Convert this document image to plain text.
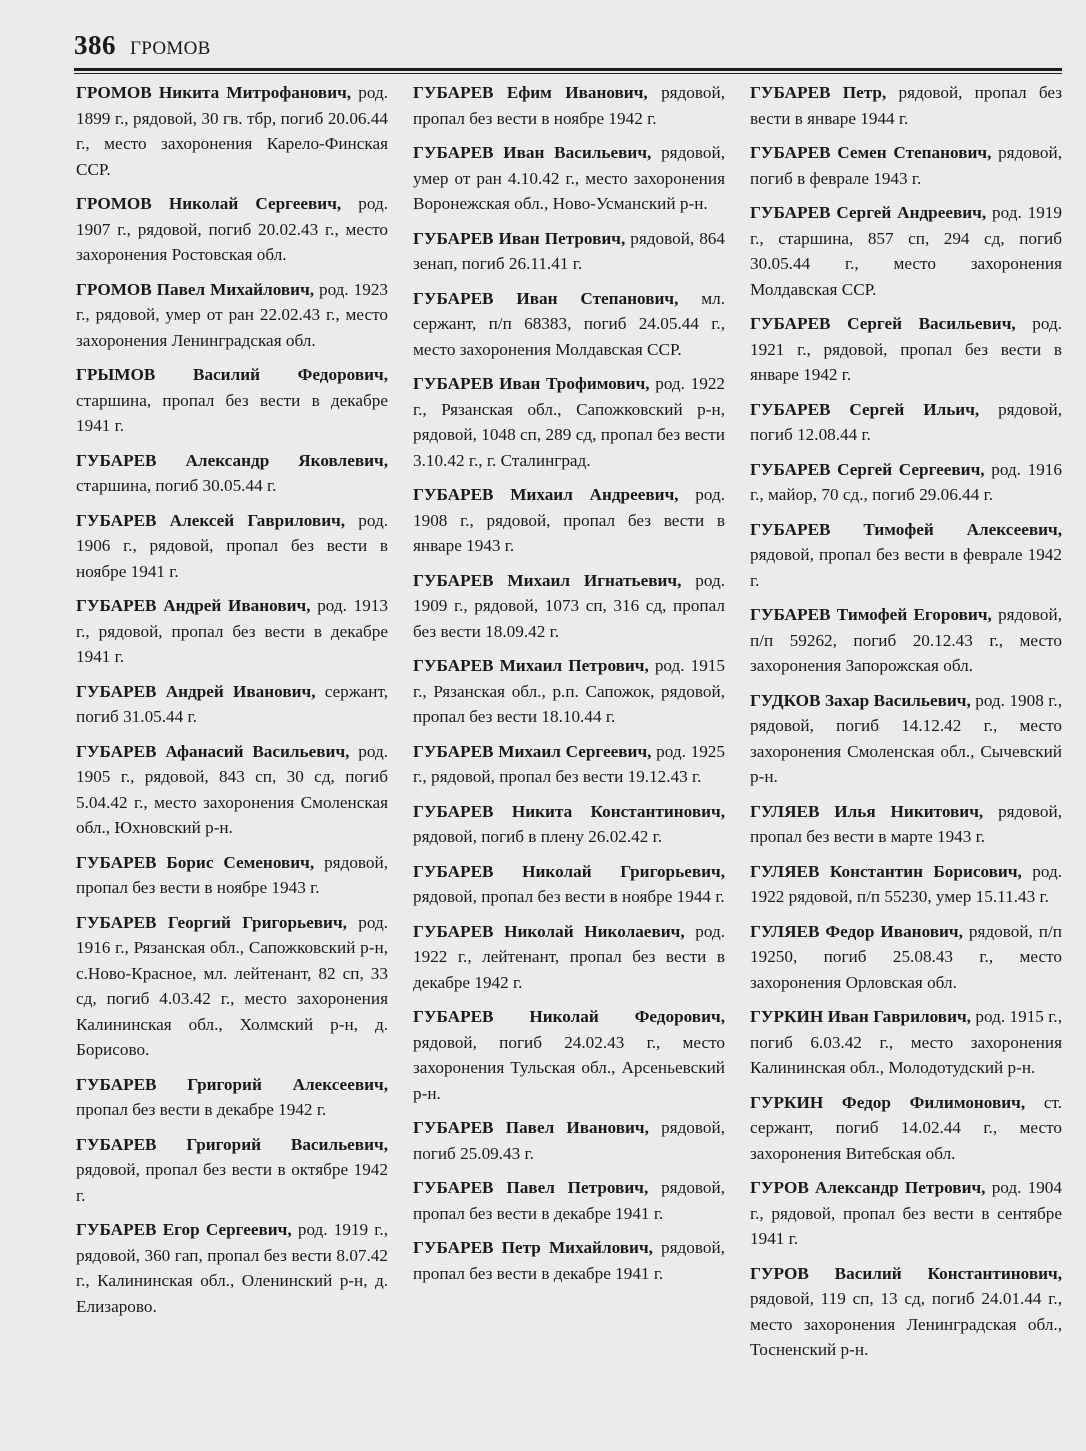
386 ГРОМОВ

ГРОМОВ Никита Митрофанович, род. 1899 г., рядовой, 30 гв. тбр, погиб 20.06.44 г., место захоронения Карело-Финская ССР.

ГРОМОВ Николай Сергеевич, род. 1907 г., рядовой, погиб 20.02.43 г., место захоронения Ростовская обл.

ГРОМОВ Павел Михайлович, род. 1923 г., рядовой, умер от ран 22.02.43 г., место захоронения Ленинградская обл.

ГРЫМОВ Василий Федорович, старшина, пропал без вести в декабре 1941 г.

ГУБАРЕВ Александр Яковлевич, старшина, погиб 30.05.44 г.

ГУБАРЕВ Алексей Гаврилович, род. 1906 г., рядовой, пропал без вести в ноябре 1941 г.

ГУБАРЕВ Андрей Иванович, род. 1913 г., рядовой, пропал без вести в декабре 1941 г.

ГУБАРЕВ Андрей Иванович, сержант, погиб 31.05.44 г.

ГУБАРЕВ Афанасий Васильевич, род. 1905 г., рядовой, 843 сп, 30 сд, погиб 5.04.42 г., место захоронения Смоленская обл., Юхновский р-н.

ГУБАРЕВ Борис Семенович, рядовой, пропал без вести в ноябре 1943 г.

ГУБАРЕВ Георгий Григорьевич, род. 1916 г., Рязанская обл., Сапожковский р-н, с.Ново-Красное, мл. лейтенант, 82 сп, 33 сд, погиб 4.03.42 г., место захоронения Калининская обл., Холмский р-н, д. Борисово.

ГУБАРЕВ Григорий Алексеевич, пропал без вести в декабре 1942 г.

ГУБАРЕВ Григорий Васильевич, рядовой, пропал без вести в октябре 1942 г.

ГУБАРЕВ Егор Сергеевич, род. 1919 г., рядовой, 360 гап, пропал без вести 8.07.42 г., Калининская обл., Оленинский р-н, д. Елизарово.

ГУБАРЕВ Ефим Иванович, рядовой, пропал без вести в ноябре 1942 г.

ГУБАРЕВ Иван Васильевич, рядовой, умер от ран 4.10.42 г., место захоронения Воронежская обл., Ново-Усманский р-н.

ГУБАРЕВ Иван Петрович, рядовой, 864 зенап, погиб 26.11.41 г.

ГУБАРЕВ Иван Степанович, мл. сержант, п/п 68383, погиб 24.05.44 г., место захоронения Молдавская ССР.

ГУБАРЕВ Иван Трофимович, род. 1922 г., Рязанская обл., Сапожковский р-н, рядовой, 1048 сп, 289 сд, пропал без вести 3.10.42 г., г. Сталинград.

ГУБАРЕВ Михаил Андреевич, род. 1908 г., рядовой, пропал без вести в январе 1943 г.

ГУБАРЕВ Михаил Игнатьевич, род. 1909 г., рядовой, 1073 сп, 316 сд, пропал без вести 18.09.42 г.

ГУБАРЕВ Михаил Петрович, род. 1915 г., Рязанская обл., р.п. Сапожок, рядовой, пропал без вести 18.10.44 г.

ГУБАРЕВ Михаил Сергеевич, род. 1925 г., рядовой, пропал без вести 19.12.43 г.

ГУБАРЕВ Никита Константинович, рядовой, погиб в плену 26.02.42 г.

ГУБАРЕВ Николай Григорьевич, рядовой, пропал без вести в ноябре 1944 г.

ГУБАРЕВ Николай Николаевич, род. 1922 г., лейтенант, пропал без вести в декабре 1942 г.

ГУБАРЕВ Николай Федорович, рядовой, погиб 24.02.43 г., место захоронения Тульская обл., Арсеньевский р-н.

ГУБАРЕВ Павел Иванович, рядовой, погиб 25.09.43 г.

ГУБАРЕВ Павел Петрович, рядовой, пропал без вести в декабре 1941 г.

ГУБАРЕВ Петр Михайлович, рядовой, пропал без вести в декабре 1941 г.

ГУБАРЕВ Петр, рядовой, пропал без вести в январе 1944 г.

ГУБАРЕВ Семен Степанович, рядовой, погиб в феврале 1943 г.

ГУБАРЕВ Сергей Андреевич, род. 1919 г., старшина, 857 сп, 294 сд, погиб 30.05.44 г., место захоронения Молдавская ССР.

ГУБАРЕВ Сергей Васильевич, род. 1921 г., рядовой, пропал без вести в январе 1942 г.

ГУБАРЕВ Сергей Ильич, рядовой, погиб 12.08.44 г.

ГУБАРЕВ Сергей Сергеевич, род. 1916 г., майор, 70 сд., погиб 29.06.44 г.

ГУБАРЕВ Тимофей Алексеевич, рядовой, пропал без вести в феврале 1942 г.

ГУБАРЕВ Тимофей Егорович, рядовой, п/п 59262, погиб 20.12.43 г., место захоронения Запорожская обл.

ГУДКОВ Захар Васильевич, род. 1908 г., рядовой, погиб 14.12.42 г., место захоронения Смоленская обл., Сычевский р-н.

ГУЛЯЕВ Илья Никитович, рядовой, пропал без вести в марте 1943 г.

ГУЛЯЕВ Константин Борисович, род. 1922 рядовой, п/п 55230, умер 15.11.43 г.

ГУЛЯЕВ Федор Иванович, рядовой, п/п 19250, погиб 25.08.43 г., место захоронения Орловская обл.

ГУРКИН Иван Гаврилович, род. 1915 г., погиб 6.03.42 г., место захоронения Калининская обл., Молодотудский р-н.

ГУРКИН Федор Филимонович, ст. сержант, погиб 14.02.44 г., место захоронения Витебская обл.

ГУРОВ Александр Петрович, род. 1904 г., рядовой, пропал без вести в сентябре 1941 г.

ГУРОВ Василий Константинович, рядовой, 119 сп, 13 сд, погиб 24.01.44 г., место захоронения Ленинградская обл., Тосненский р-н.
